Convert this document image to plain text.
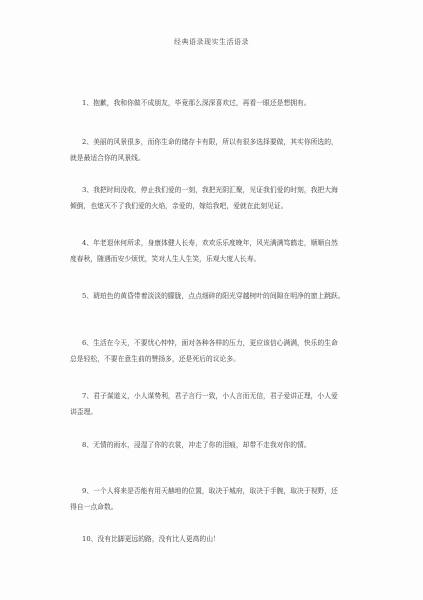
经典语录现实生活语录
1、抱歉，我和你做不成朋友，毕竟那么深深喜欢过，再看一眼还是想拥有。
2、美丽的风景很多，而你生命的储存卡有限，所以有很多选择要做，其实你所选的，
就是最适合你的风景线。
3、我把时间没收，停止我们爱的一刻，我把光阴汇聚，见证我们爱的时刻，我把大海
倾倒，也熄灭不了我们爱的火焰，亲爱的，嫁给我吧，爱就在此刻见证。
4、年老退休何所求，身康体健人长寿，欢欢乐乐度晚年，风光满满笃鹤走，顺顺自然
度春秋，随遇而安少烦忧，笑对人生人生笑，乐观大度人长寿。
5、琥珀色的黄昏带着淡淡的朦胧，点点细碎的阳光穿越树叶的间隙在明净的窗上跳跃。
6、生活在今天，不要忧心忡忡，面对各种各样的压力，更应该信心满满，快乐的生命
总是轻松，不要在意生前的赞扬多，还是死后的议论多。
7、君子谋道义，小人谋势利，君子言行一致，小人言而无信，君子爱讲正理，小人爱
讲歪理。
8、无情的雨水，浸湿了你的衣裳，冲走了你的泪痕，却带不走我对你的情。
9、一个人将来是否能有用天赫地的位置，取决于城府，取决于手腕，取决于视野，还
得自一点命数。
10、没有比脚更远的路，没有比人更高的山！
